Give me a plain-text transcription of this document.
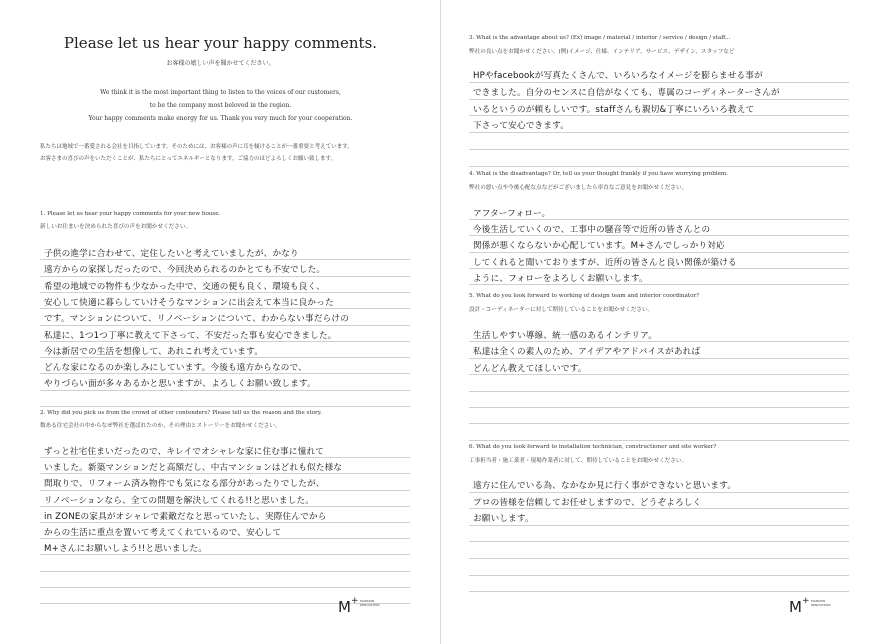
Please let us hear your happy comments.
お客様の嬉しい声を聞かせてください。
We think it is the most important thing to listen to the voices of our customers,
to be the company most beloved in the region.
Your happy comments make energy for us. Thank you very much for your cooperation.
私たちは地域で一番愛される会社を目指しています。そのためには、お客様の声に耳を傾けることが一番重要と考えています。
お客さまの喜びの声をいただくことが、私たちにとってエネルギーとなります。ご協力のほどよろしくお願い致します。
1. Please let us hear your happy comments for your new house.
新しいお住まいを決められた喜びの声をお聞かせください。
子供の進学に合わせて、定住したいと考えていましたが、かなり
遠方からの家探しだったので、今回決められるのかとても不安でした。
希望の地域での物件も少なかった中で、交通の便も良く、環境も良く、
安心して快適に暮らしていけそうなマンションに出会えて本当に良かった
です。マンションについて、リノベーションについて、わからない事だらけの
私達に、1つ1つ丁寧に教えて下さって、不安だった事も安心できました。
今は新居での生活を想像して、あれこれ考えています。
どんな家になるのか楽しみにしています。今後も遠方からなので、
やりづらい面が多々あるかと思いますが、よろしくお願い致します。
2. Why did you pick us from the crowd of other contenders? Please tell us the reason and the story.
数ある住宅会社の中からなぜ弊社を選ばれたのか、その理由とストーリーをお聞かせください。
ずっと社宅住まいだったので、キレイでオシャレな家に住む事に憧れて
いました。新築マンションだと高額だし、中古マンションはどれも似た様な
間取りで、リフォーム済み物件でも気になる部分があったりでしたが、
リノベーションなら、全ての問題を解決してくれる!!と思いました。
in ZONEの家具がオシャレで素敵だなと思っていたし、実際住んでから
からの生活に重点を置いて考えてくれているので、安心して
M+さんにお願いしよう!!と思いました。
M+ MANSION RENOVATION
3. What is the advantage about us? (Ex) image / material / interior / service / design / staff...
弊社の良い点をお聞かせください。(例)イメージ、仕様、インテリア、サービス、デザイン、スタッフなど
HPやfacebookが写真たくさんで、いろいろなイメージを膨らませる事が
できました。自分のセンスに自信がなくても、専属のコーディネーターさんが
いるというのが頼もしいです。staffさんも親切&丁寧にいろいろ教えて
下さって安心できます。
4. What is the disadvantage? Or, tell us your thought frankly if you have worrying problem.
弊社の悪い点や今後心配な点などがございましたら率直なご意見をお聞かせください。
アフターフォロー。
今後生活していくので、工事中の騒音等で近所の皆さんとの
関係が悪くならないか心配しています。M+さんでしっかり対応
してくれると聞いておりますが、近所の皆さんと良い関係が築ける
ように、フォローをよろしくお願いします。
5. What do you look forward to working of design team and interior coordinator?
設計・コーディネーターに対して期待していることをお聞かせください。
生活しやすい導線、統一感のあるインテリア。
私達は全くの素人のため、アイデアやアドバイスがあれば
どんどん教えてほしいです。
6. What do you look forward to installation technician, constructioner and site worker?
工事担当者・施工業者・現場作業者に対して、期待していることをお聞かせください。
遠方に住んでいる為、なかなか見に行く事ができないと思います。
プロの皆様を信頼してお任せしますので、どうぞよろしく
お願いします。
M+ MANSION RENOVATION
